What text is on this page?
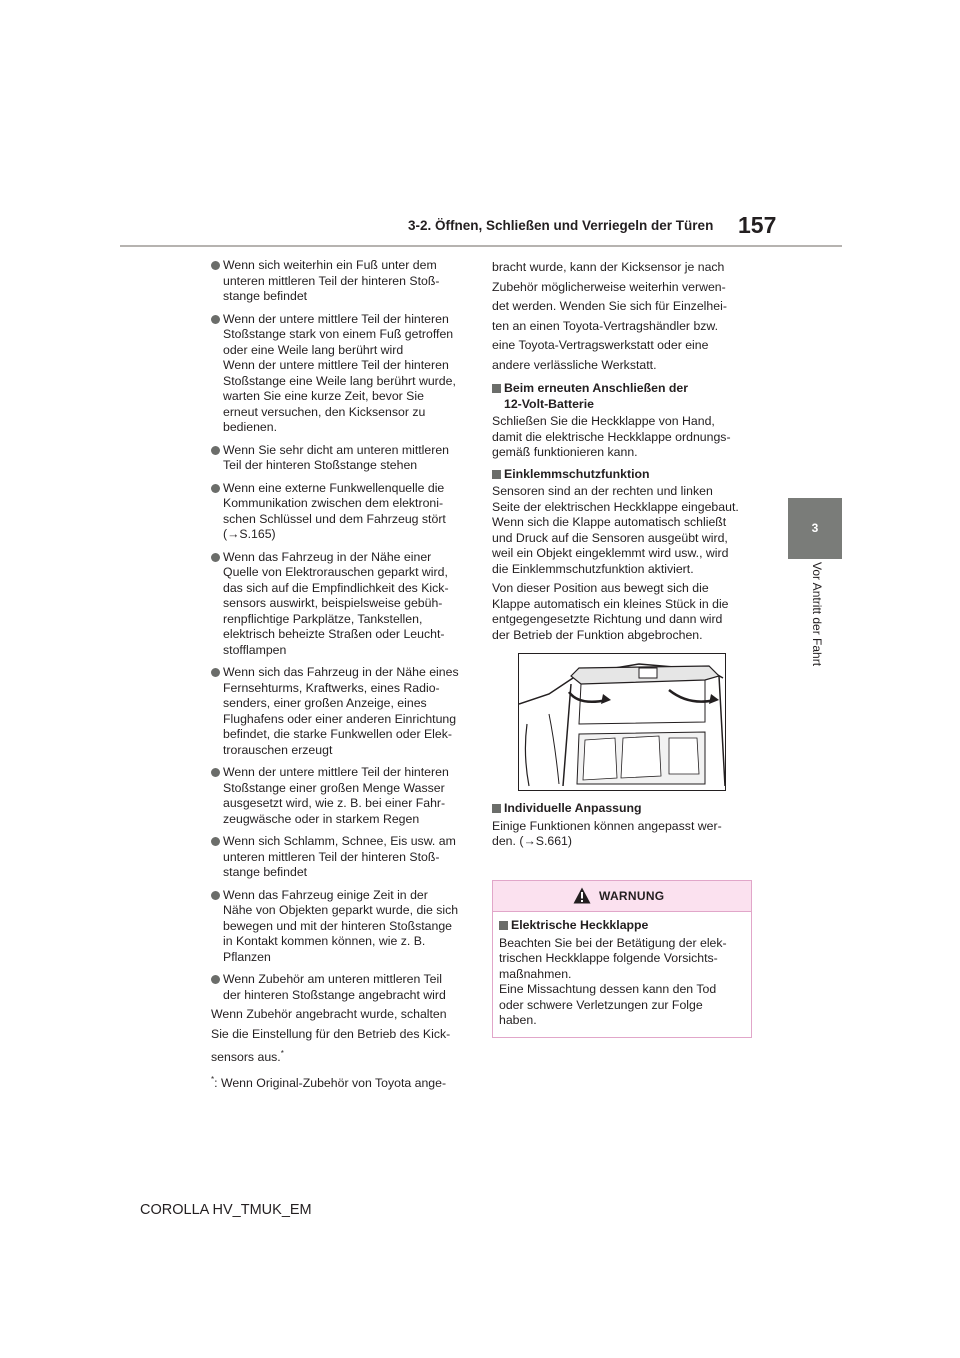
3-2. Öffnen, Schließen und Verriegeln der Türen 157
3
Vor Antritt der Fahrt
Wenn sich weiterhin ein Fuß unter dem
unteren mittleren Teil der hinteren Stoß-
stange befindet
Wenn der untere mittlere Teil der hinteren
Stoßstange stark von einem Fuß getroffen
oder eine Weile lang berührt wird
Wenn der untere mittlere Teil der hinteren
Stoßstange eine Weile lang berührt wurde,
warten Sie eine kurze Zeit, bevor Sie
erneut versuchen, den Kicksensor zu
bedienen.
Wenn Sie sehr dicht am unteren mittleren
Teil der hinteren Stoßstange stehen
Wenn eine externe Funkwellenquelle die
Kommunikation zwischen dem elektroni-
schen Schlüssel und dem Fahrzeug stört
(→S.165)
Wenn das Fahrzeug in der Nähe einer
Quelle von Elektrorauschen geparkt wird,
das sich auf die Empfindlichkeit des Kick-
sensors auswirkt, beispielsweise gebüh-
renpflichtige Parkplätze, Tankstellen,
elektrisch beheizte Straßen oder Leucht-
stofflampen
Wenn sich das Fahrzeug in der Nähe eines
Fernsehturms, Kraftwerks, eines Radio-
senders, einer großen Anzeige, eines
Flughafens oder einer anderen Einrichtung
befindet, die starke Funkwellen oder Elek-
trorauschen erzeugt
Wenn der untere mittlere Teil der hinteren
Stoßstange einer großen Menge Wasser
ausgesetzt wird, wie z. B. bei einer Fahr-
zeugwäsche oder in starkem Regen
Wenn sich Schlamm, Schnee, Eis usw. am
unteren mittleren Teil der hinteren Stoß-
stange befindet
Wenn das Fahrzeug einige Zeit in der
Nähe von Objekten geparkt wurde, die sich
bewegen und mit der hinteren Stoßstange
in Kontakt kommen können, wie z. B.
Pflanzen
Wenn Zubehör am unteren mittleren Teil
der hinteren Stoßstange angebracht wird
Wenn Zubehör angebracht wurde, schalten
Sie die Einstellung für den Betrieb des Kick-
sensors aus.*
*: Wenn Original-Zubehör von Toyota ange-
bracht wurde, kann der Kicksensor je nach
Zubehör möglicherweise weiterhin verwen-
det werden. Wenden Sie sich für Einzelhei-
ten an einen Toyota-Vertragshändler bzw.
eine Toyota-Vertragswerkstatt oder eine
andere verlässliche Werkstatt.
Beim erneuten Anschließen der
12-Volt-Batterie
Schließen Sie die Heckklappe von Hand,
damit die elektrische Heckklappe ordnungs-
gemäß funktionieren kann.
Einklemmschutzfunktion
Sensoren sind an der rechten und linken
Seite der elektrischen Heckklappe eingebaut.
Wenn sich die Klappe automatisch schließt
und Druck auf die Sensoren ausgeübt wird,
weil ein Objekt eingeklemmt wird usw., wird
die Einklemmschutzfunktion aktiviert.
Von dieser Position aus bewegt sich die
Klappe automatisch ein kleines Stück in die
entgegengesetzte Richtung und dann wird
der Betrieb der Funktion abgebrochen.
Individuelle Anpassung
Einige Funktionen können angepasst wer-
den. (→S.661)
WARNUNG
Elektrische Heckklappe
Beachten Sie bei der Betätigung der elek-
trischen Heckklappe folgende Vorsichts-
maßnahmen.
Eine Missachtung dessen kann den Tod
oder schwere Verletzungen zur Folge
haben.
COROLLA HV_TMUK_EM
